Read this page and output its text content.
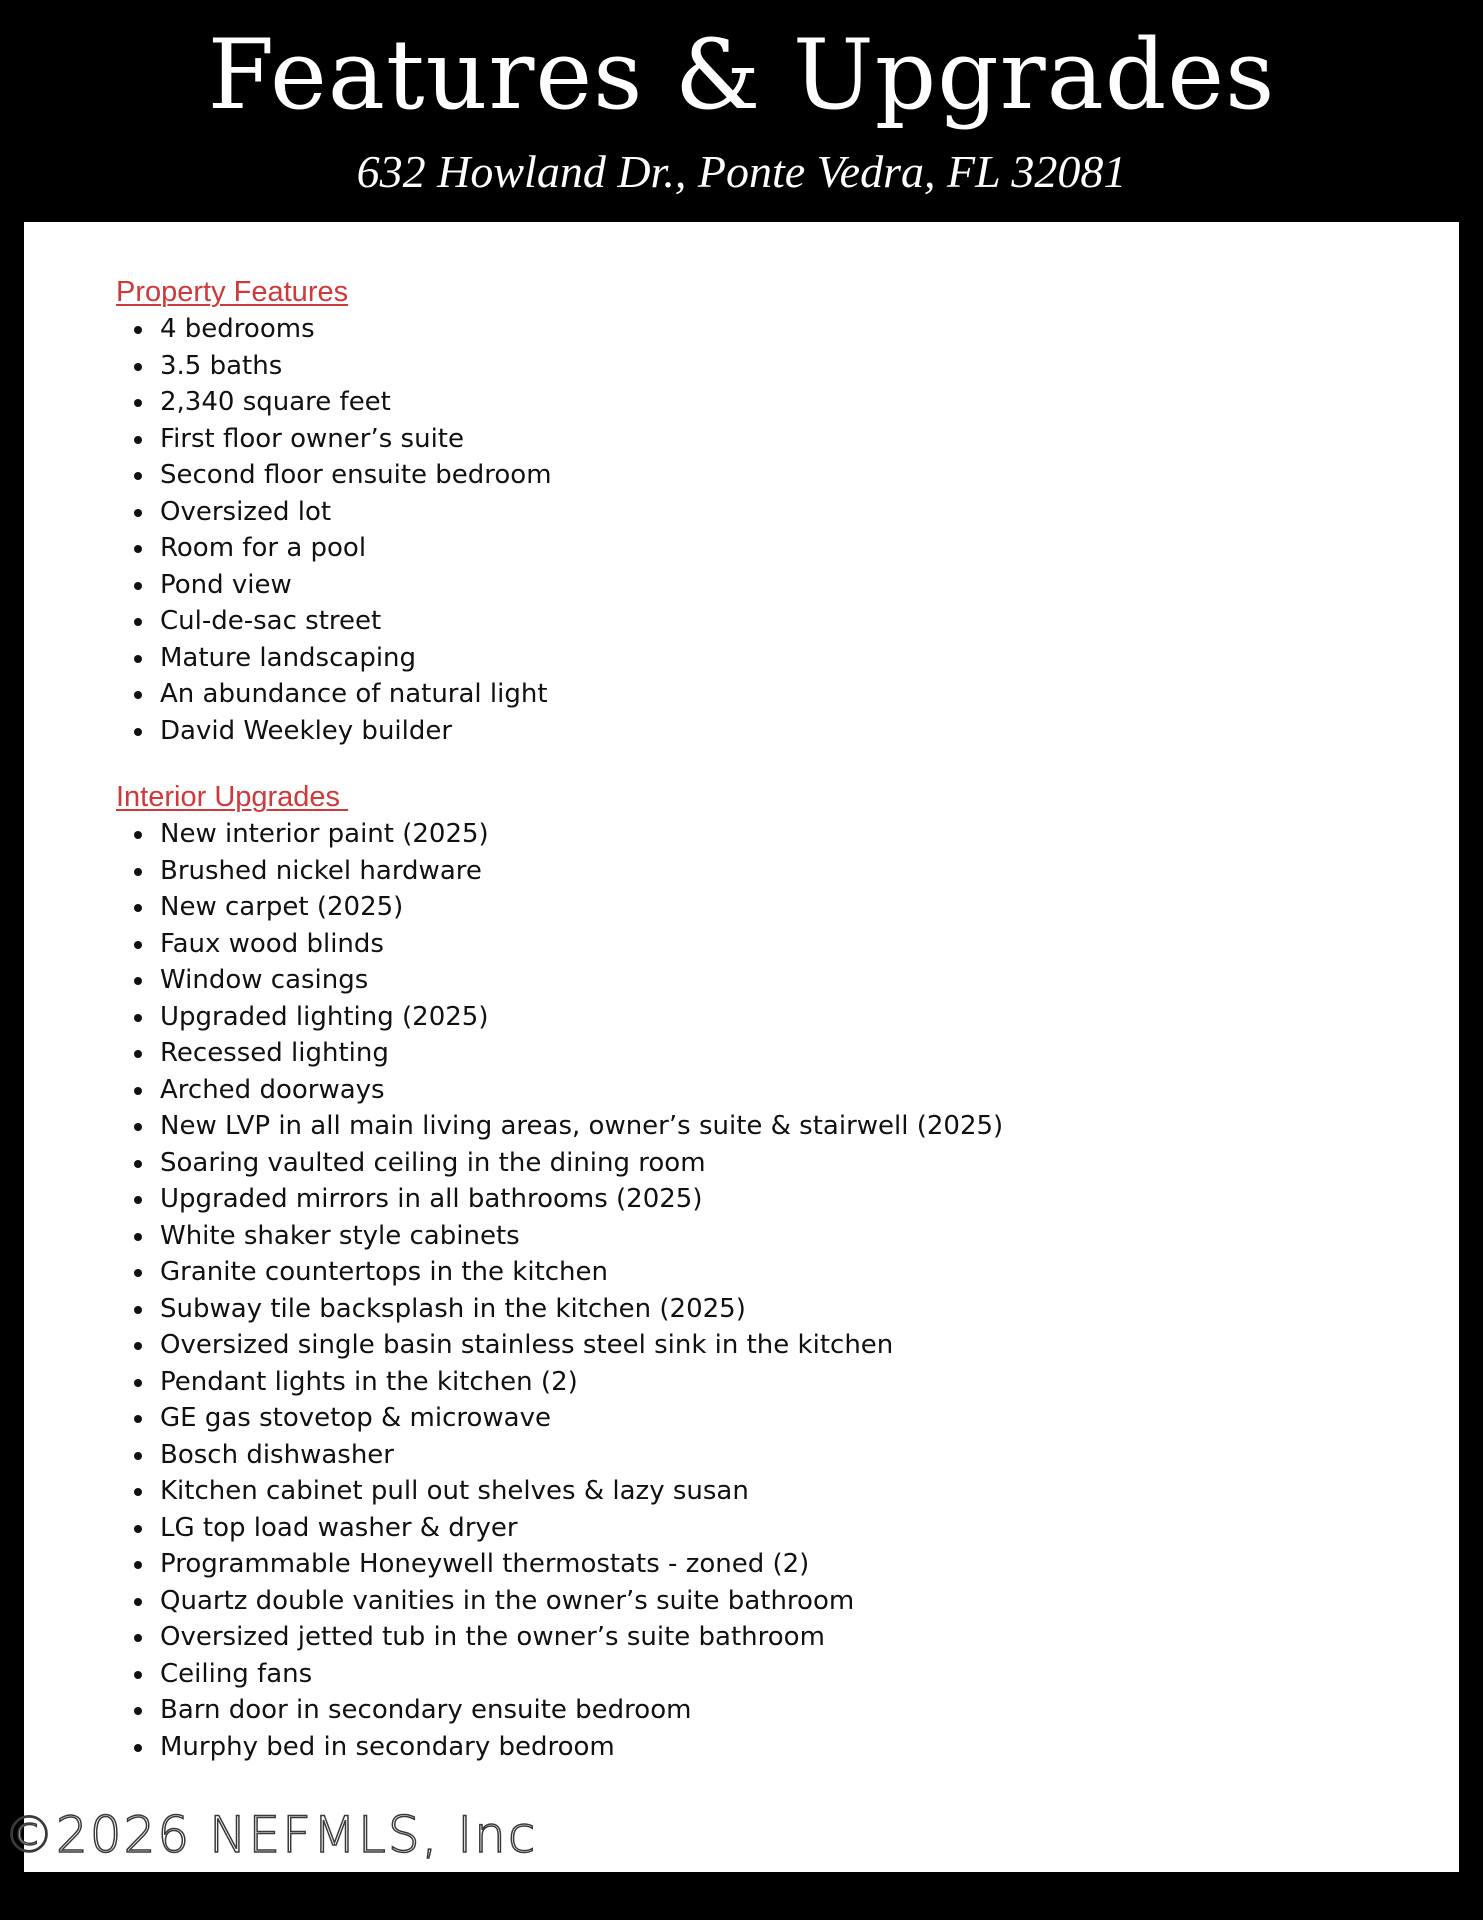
Features & Upgrades
632 Howland Dr., Ponte Vedra, FL 32081
Property Features
4 bedrooms
3.5 baths
2,340 square feet
First floor owner’s suite
Second floor ensuite bedroom
Oversized lot
Room for a pool
Pond view
Cul-de-sac street
Mature landscaping
An abundance of natural light
David Weekley builder
Interior Upgrades
New interior paint (2025)
Brushed nickel hardware
New carpet (2025)
Faux wood blinds
Window casings
Upgraded lighting (2025)
Recessed lighting
Arched doorways
New LVP in all main living areas, owner’s suite & stairwell (2025)
Soaring vaulted ceiling in the dining room
Upgraded mirrors in all bathrooms (2025)
White shaker style cabinets
Granite countertops in the kitchen
Subway tile backsplash in the kitchen (2025)
Oversized single basin stainless steel sink in the kitchen
Pendant lights in the kitchen (2)
GE gas stovetop & microwave
Bosch dishwasher
Kitchen cabinet pull out shelves & lazy susan
LG top load washer & dryer
Programmable Honeywell thermostats - zoned (2)
Quartz double vanities in the owner’s suite bathroom
Oversized jetted tub in the owner’s suite bathroom
Ceiling fans
Barn door in secondary ensuite bedroom
Murphy bed in secondary bedroom
©2026 NEFMLS, Inc
